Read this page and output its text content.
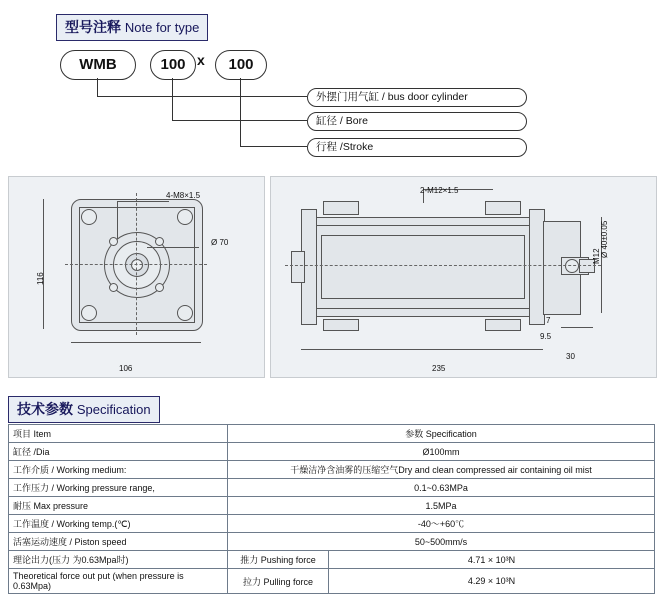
型号注释 Note for type
WMB	100 x	100
外摆门用气缸 / bus door cylinder
缸径 / Bore
行程 /Stroke
4-M8×1.5
Ø 70
116
106
2-M12×1.5
Ø 40±0.05
M12
7
9.5
30
235
技术参数 Specification
项目 Item	参数 Specification	
缸径 /Dia	Ø100mm	
工作介质 / Working medium:	干燥洁净含油雾的压缩空气Dry and clean compressed air containing oil mist	
工作压力 / Working pressure range,	0.1~0.63MPa	
耐压 Max pressure	1.5MPa	
工作温度 / Working temp.(℃)	-40～+60℃	
活塞运动速度 / Piston speed	50~500mm/s	
理论出力(压力 为0.63Mpa时)	推力 Pushing force	4.71 × 10³N
Theoretical force out put (when pressure is 0.63Mpa)	拉力 Pulling force	4.29 × 10³N
